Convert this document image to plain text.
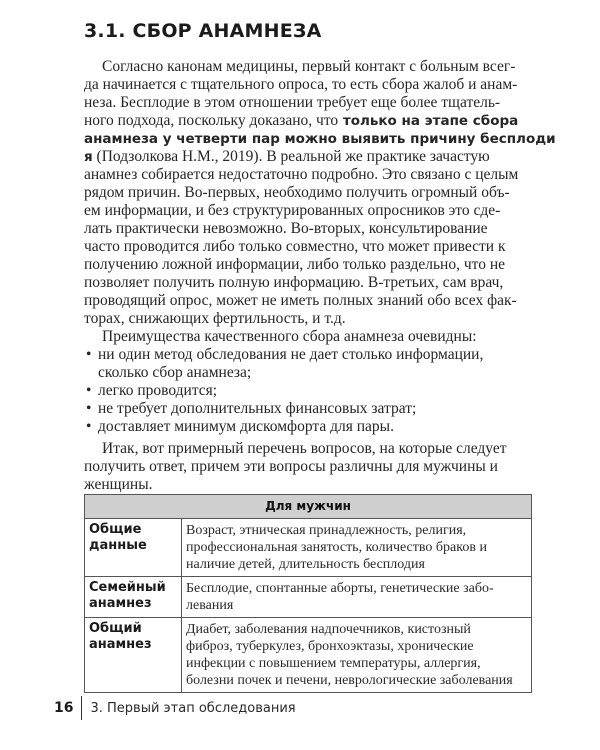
3.1. СБОР АНАМНЕЗА

Согласно канонам медицины, первый контакт с больным всег-
да начинается с тщательного опроса, то есть сбора жалоб и анам-
неза. Бесплодие в этом отношении требует еще более тщатель-
ного подхода, поскольку доказано, что только на этапе сбора
анамнеза у четверти пар можно выявить причину бесплоди
я (Подзолкова Н.М., 2019). В реальной же практике зачастую
анамнез собирается недостаточно подробно. Это связано с целым
рядом причин. Во-первых, необходимо получить огромный объ-
ем информации, и без структурированных опросников это сде-
лать практически невозможно. Во-вторых, консультирование
часто проводится либо только совместно, что может привести к
получению ложной информации, либо только раздельно, что не
позволяет получить полную информацию. В-третьих, сам врач,
проводящий опрос, может не иметь полных знаний обо всех фак-
торах, снижающих фертильность, и т.д.

Преимущества качественного сбора анамнеза очевидны:

• ни один метод обследования не дает столько информации,
сколько сбор анамнеза;
• легко проводится;
• не требует дополнительных финансовых затрат;
• доставляет минимум дискомфорта для пары.

Итак, вот примерный перечень вопросов, на которые следует
получить ответ, причем эти вопросы различны для мужчины и
женщины.

Для мужчин	

Общие
данные	Возраст, этническая принадлежность, религия,
профессиональная занятость, количество браков и
наличие детей, длительность бесплодия

Семейный
анамнез	Бесплодие, спонтанные аборты, генетические забо-
левания

Общий
анамнез	Диабет, заболевания надпочечников, кистозный
фиброз, туберкулез, бронхоэктазы, хронические
инфекции с повышением температуры, аллергия,
болезни почек и печени, неврологические заболевания
16	3. Первый этап обследования
